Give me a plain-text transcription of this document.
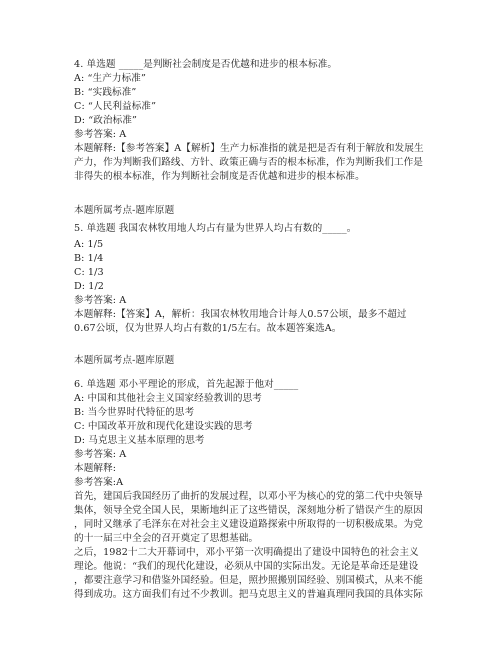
4. 单选题 _____是判断社会制度是否优越和进步的根本标准。
A: “生产力标准”
B: “实践标准”
C: “人民利益标准”
D: “政治标准”
参考答案: A
本题解释:【参考答案】A【解析】生产力标准指的就是把是否有利于解放和发展生
产力，作为判断我们路线、方针、政策正确与否的根本标准，作为判断我们工作是
非得失的根本标准，作为判断社会制度是否优越和进步的根本标准。
本题所属考点-题库原题
5. 单选题 我国农林牧用地人均占有量为世界人均占有数的_____。
A: 1/5
B: 1/4
C: 1/3
D: 1/2
参考答案: A
本题解释:【答案】A，解析：我国农林牧用地合计每人0.57公顷，最多不超过
0.67公顷，仅为世界人均占有数的1/5左右。故本题答案选A。
本题所属考点-题库原题
6. 单选题 邓小平理论的形成，首先起源于他对_____
A: 中国和其他社会主义国家经验教训的思考
B: 当今世界时代特征的思考
C: 中国改革开放和现代化建设实践的思考
D: 马克思主义基本原理的思考
参考答案: A
本题解释:
参考答案:A
首先，建国后我国经历了曲折的发展过程，以邓小平为核心的党的第二代中央领导
集体，领导全党全国人民，果断地纠正了这些错误，深刻地分析了错误产生的原因
，同时又继承了毛泽东在对社会主义建设道路探索中所取得的一切积极成果。为党
的十一届三中全会的召开奠定了思想基础。
之后，1982十二大开幕词中，邓小平第一次明确提出了建设中国特色的社会主义
理论。他说：“我们的现代化建设，必须从中国的实际出发。无论是革命还是建设
，都要注意学习和借鉴外国经验。但是，照抄照搬别国经验、别国模式，从来不能
得到成功。这方面我们有过不少教训。把马克思主义的普遍真理同我国的具体实际
